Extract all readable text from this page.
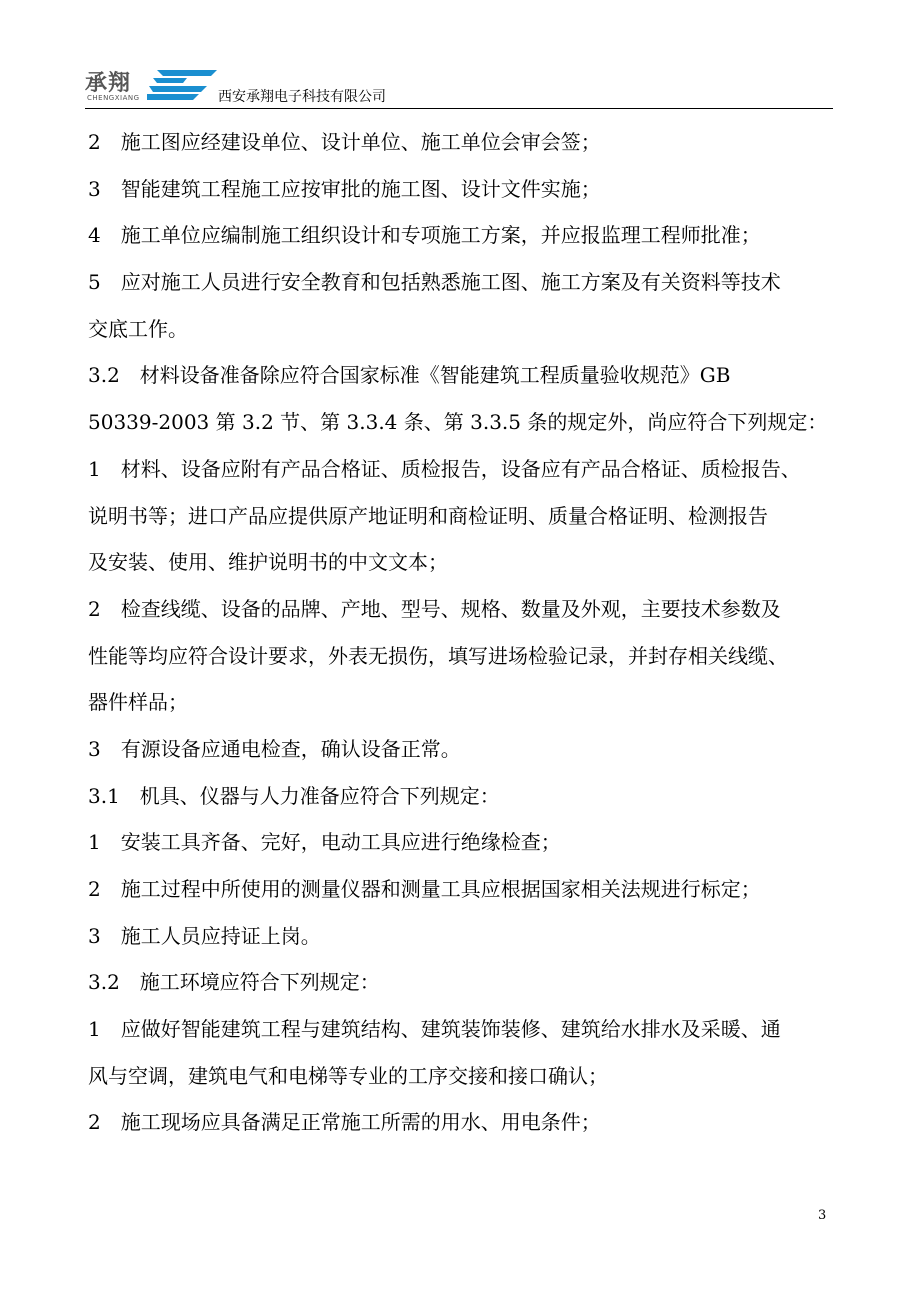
承翔
CHENGXIANG	西安承翔电子科技有限公司
2　施工图应经建设单位、设计单位、施工单位会审会签；
3　智能建筑工程施工应按审批的施工图、设计文件实施；
4　施工单位应编制施工组织设计和专项施工方案，并应报监理工程师批准；
5　应对施工人员进行安全教育和包括熟悉施工图、施工方案及有关资料等技术
交底工作。
3.2　材料设备准备除应符合国家标准《智能建筑工程质量验收规范》GB
50339-2003 第 3.2 节、第 3.3.4 条、第 3.3.5 条的规定外，尚应符合下列规定：
1　材料、设备应附有产品合格证、质检报告，设备应有产品合格证、质检报告、
说明书等；进口产品应提供原产地证明和商检证明、质量合格证明、检测报告
及安装、使用、维护说明书的中文文本；
2　检查线缆、设备的品牌、产地、型号、规格、数量及外观，主要技术参数及
性能等均应符合设计要求，外表无损伤，填写进场检验记录，并封存相关线缆、
器件样品；
3　有源设备应通电检查，确认设备正常。
3.1　机具、仪器与人力准备应符合下列规定：
1　安装工具齐备、完好，电动工具应进行绝缘检查；
2　施工过程中所使用的测量仪器和测量工具应根据国家相关法规进行标定；
3　施工人员应持证上岗。
3.2　施工环境应符合下列规定：
1　应做好智能建筑工程与建筑结构、建筑装饰装修、建筑给水排水及采暖、通
风与空调，建筑电气和电梯等专业的工序交接和接口确认；
2　施工现场应具备满足正常施工所需的用水、用电条件；
3
